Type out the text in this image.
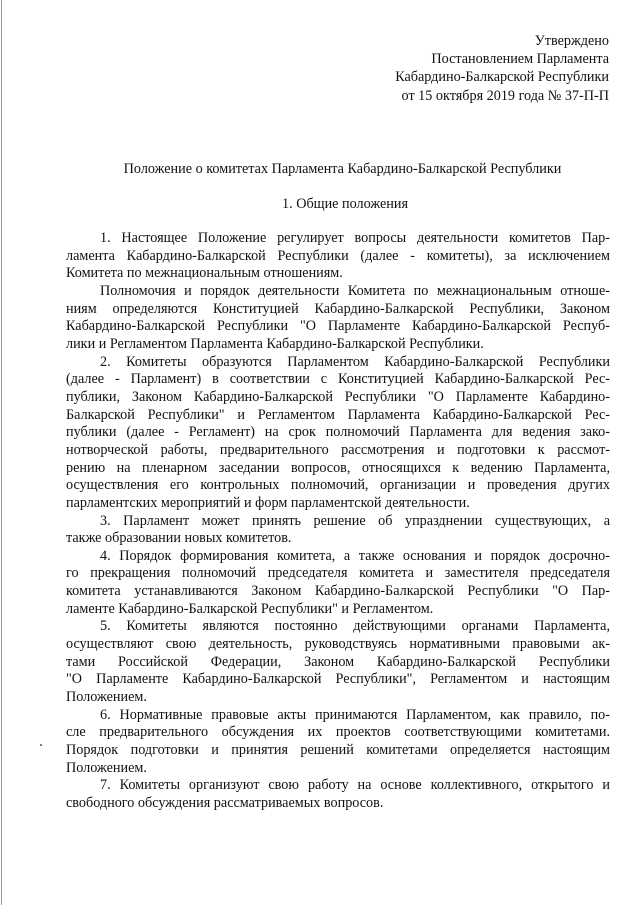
Утверждено
Постановлением Парламента
Кабардино-Балкарской Республики
от 15 октября 2019 года № 37-П-П
Положение о комитетах Парламента Кабардино-Балкарской Республики
1. Общие положения

1. Настоящее Положение регулирует вопросы деятельности комитетов Пар-
ламента Кабардино-Балкарской Республики (далее - комитеты), за исключением
Комитета по межнациональным отношениям.

Полномочия и порядок деятельности Комитета по межнациональным отноше-
ниям определяются Конституцией Кабардино-Балкарской Республики, Законом
Кабардино-Балкарской Республики "О Парламенте Кабардино-Балкарской Респуб-
лики и Регламентом Парламента Кабардино-Балкарской Республики.

2. Комитеты образуются Парламентом Кабардино-Балкарской Республики
(далее - Парламент) в соответствии с Конституцией Кабардино-Балкарской Рес-
публики, Законом Кабардино-Балкарской Республики "О Парламенте Кабардино-
Балкарской Республики" и Регламентом Парламента Кабардино-Балкарской Рес-
публики (далее - Регламент) на срок полномочий Парламента для ведения зако-
нотворческой работы, предварительного рассмотрения и подготовки к рассмот-
рению на пленарном заседании вопросов, относящихся к ведению Парламента,
осуществления его контрольных полномочий, организации и проведения других
парламентских мероприятий и форм парламентской деятельности.

3. Парламент может принять решение об упразднении существующих, а
также образовании новых комитетов.

4. Порядок формирования комитета, а также основания и порядок досрочно-
го прекращения полномочий председателя комитета и заместителя председателя
комитета устанавливаются Законом Кабардино-Балкарской Республики "О Пар-
ламенте Кабардино-Балкарской Республики" и Регламентом.

5. Комитеты являются постоянно действующими органами Парламента,
осуществляют свою деятельность, руководствуясь нормативными правовыми ак-
тами Российской Федерации, Законом Кабардино-Балкарской Республики
"О Парламенте Кабардино-Балкарской Республики", Регламентом и настоящим
Положением.

6. Нормативные правовые акты принимаются Парламентом, как правило, по-
сле предварительного обсуждения их проектов соответствующими комитетами.
Порядок подготовки и принятия решений комитетами определяется настоящим
Положением.

7. Комитеты организуют свою работу на основе коллективного, открытого и
свободного обсуждения рассматриваемых вопросов.
